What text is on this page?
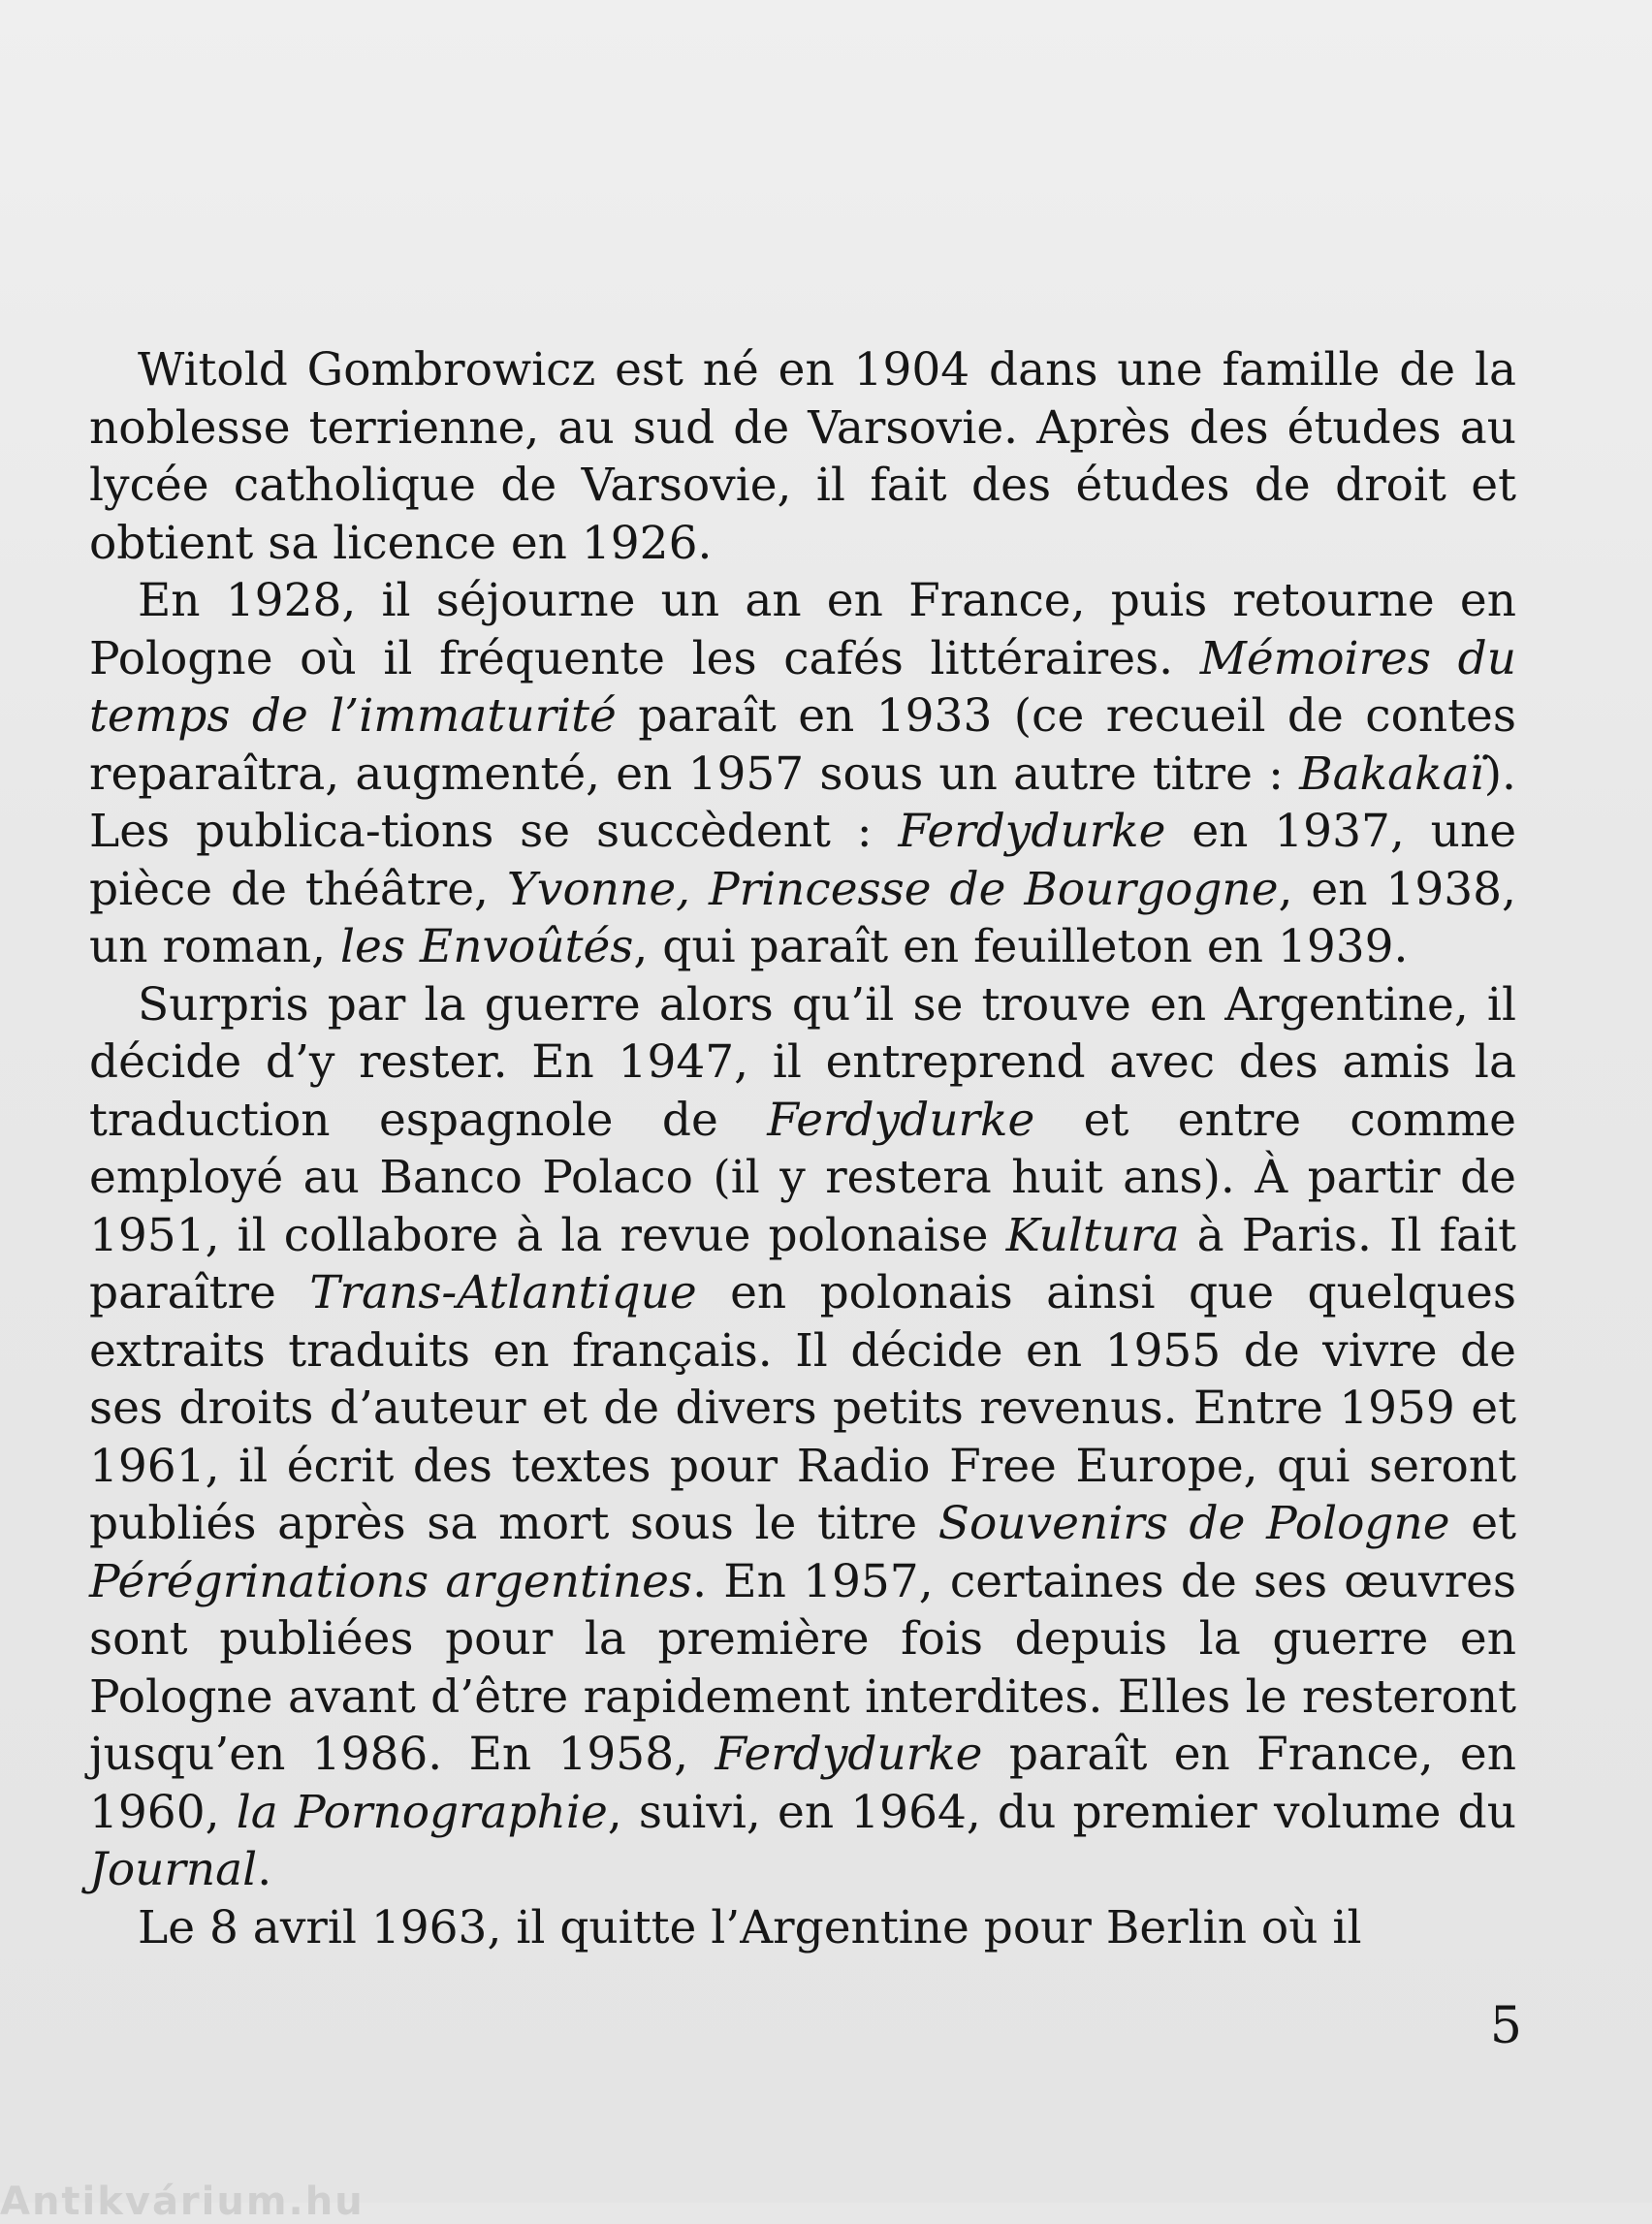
Witold Gombrowicz est né en 1904 dans une famille de la noblesse terrienne, au sud de Varsovie. Après des études au lycée catholique de Varsovie, il fait des études de droit et obtient sa licence en 1926.

En 1928, il séjourne un an en France, puis retourne en Pologne où il fréquente les cafés littéraires. Mémoires du temps de l’immaturité paraît en 1933 (ce recueil de contes reparaîtra, augmenté, en 1957 sous un autre titre : Bakakaï). Les publica-tions se succèdent : Ferdydurke en 1937, une pièce de théâtre, Yvonne, Princesse de Bourgogne, en 1938, un roman, les Envoûtés, qui paraît en feuilleton en 1939.

Surpris par la guerre alors qu’il se trouve en Argentine, il décide d’y rester. En 1947, il entreprend avec des amis la traduction espagnole de Ferdydurke et entre comme employé au Banco Polaco (il y restera huit ans). À partir de 1951, il collabore à la revue polonaise Kultura à Paris. Il fait paraître Trans-Atlantique en polonais ainsi que quelques extraits traduits en français. Il décide en 1955 de vivre de ses droits d’auteur et de divers petits revenus. Entre 1959 et 1961, il écrit des textes pour Radio Free Europe, qui seront publiés après sa mort sous le titre Souvenirs de Pologne et Pérégrinations argentines. En 1957, certaines de ses œuvres sont publiées pour la première fois depuis la guerre en Pologne avant d’être rapidement interdites. Elles le resteront jusqu’en 1986. En 1958, Ferdydurke paraît en France, en 1960, la Pornographie, suivi, en 1964, du premier volume du Journal.

Le 8 avril 1963, il quitte l’Argentine pour Berlin où il

5
Antikvárium.hu
